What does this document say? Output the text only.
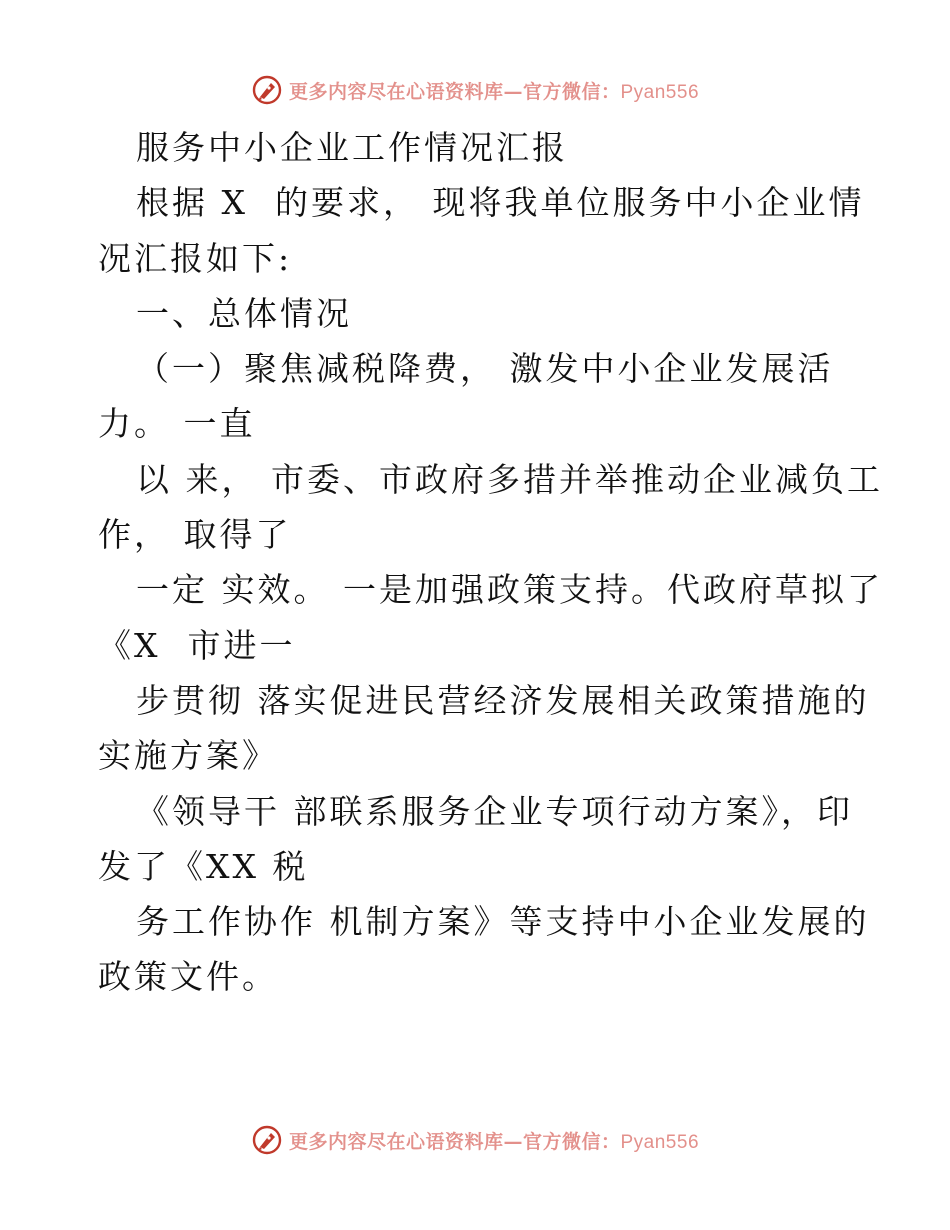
更多内容尽在心语资料库—官方微信：Pyan556
服务中小企业工作情况汇报
根据 X  的要求， 现将我单位服务中小企业情
况汇报如下:
一、总体情况
（一）聚焦减税降费， 激发中小企业发展活
力。 一直
以 来， 市委、市政府多措并举推动企业减负工
作， 取得了
一定 实效。 一是加强政策支持。代政府草拟了
《X  市进一
步贯彻 落实促进民营经济发展相关政策措施的
实施方案》
《领导干 部联系服务企业专项行动方案》，印
发了《XX 税
务工作协作 机制方案》等支持中小企业发展的
政策文件。
更多内容尽在心语资料库—官方微信：Pyan556
